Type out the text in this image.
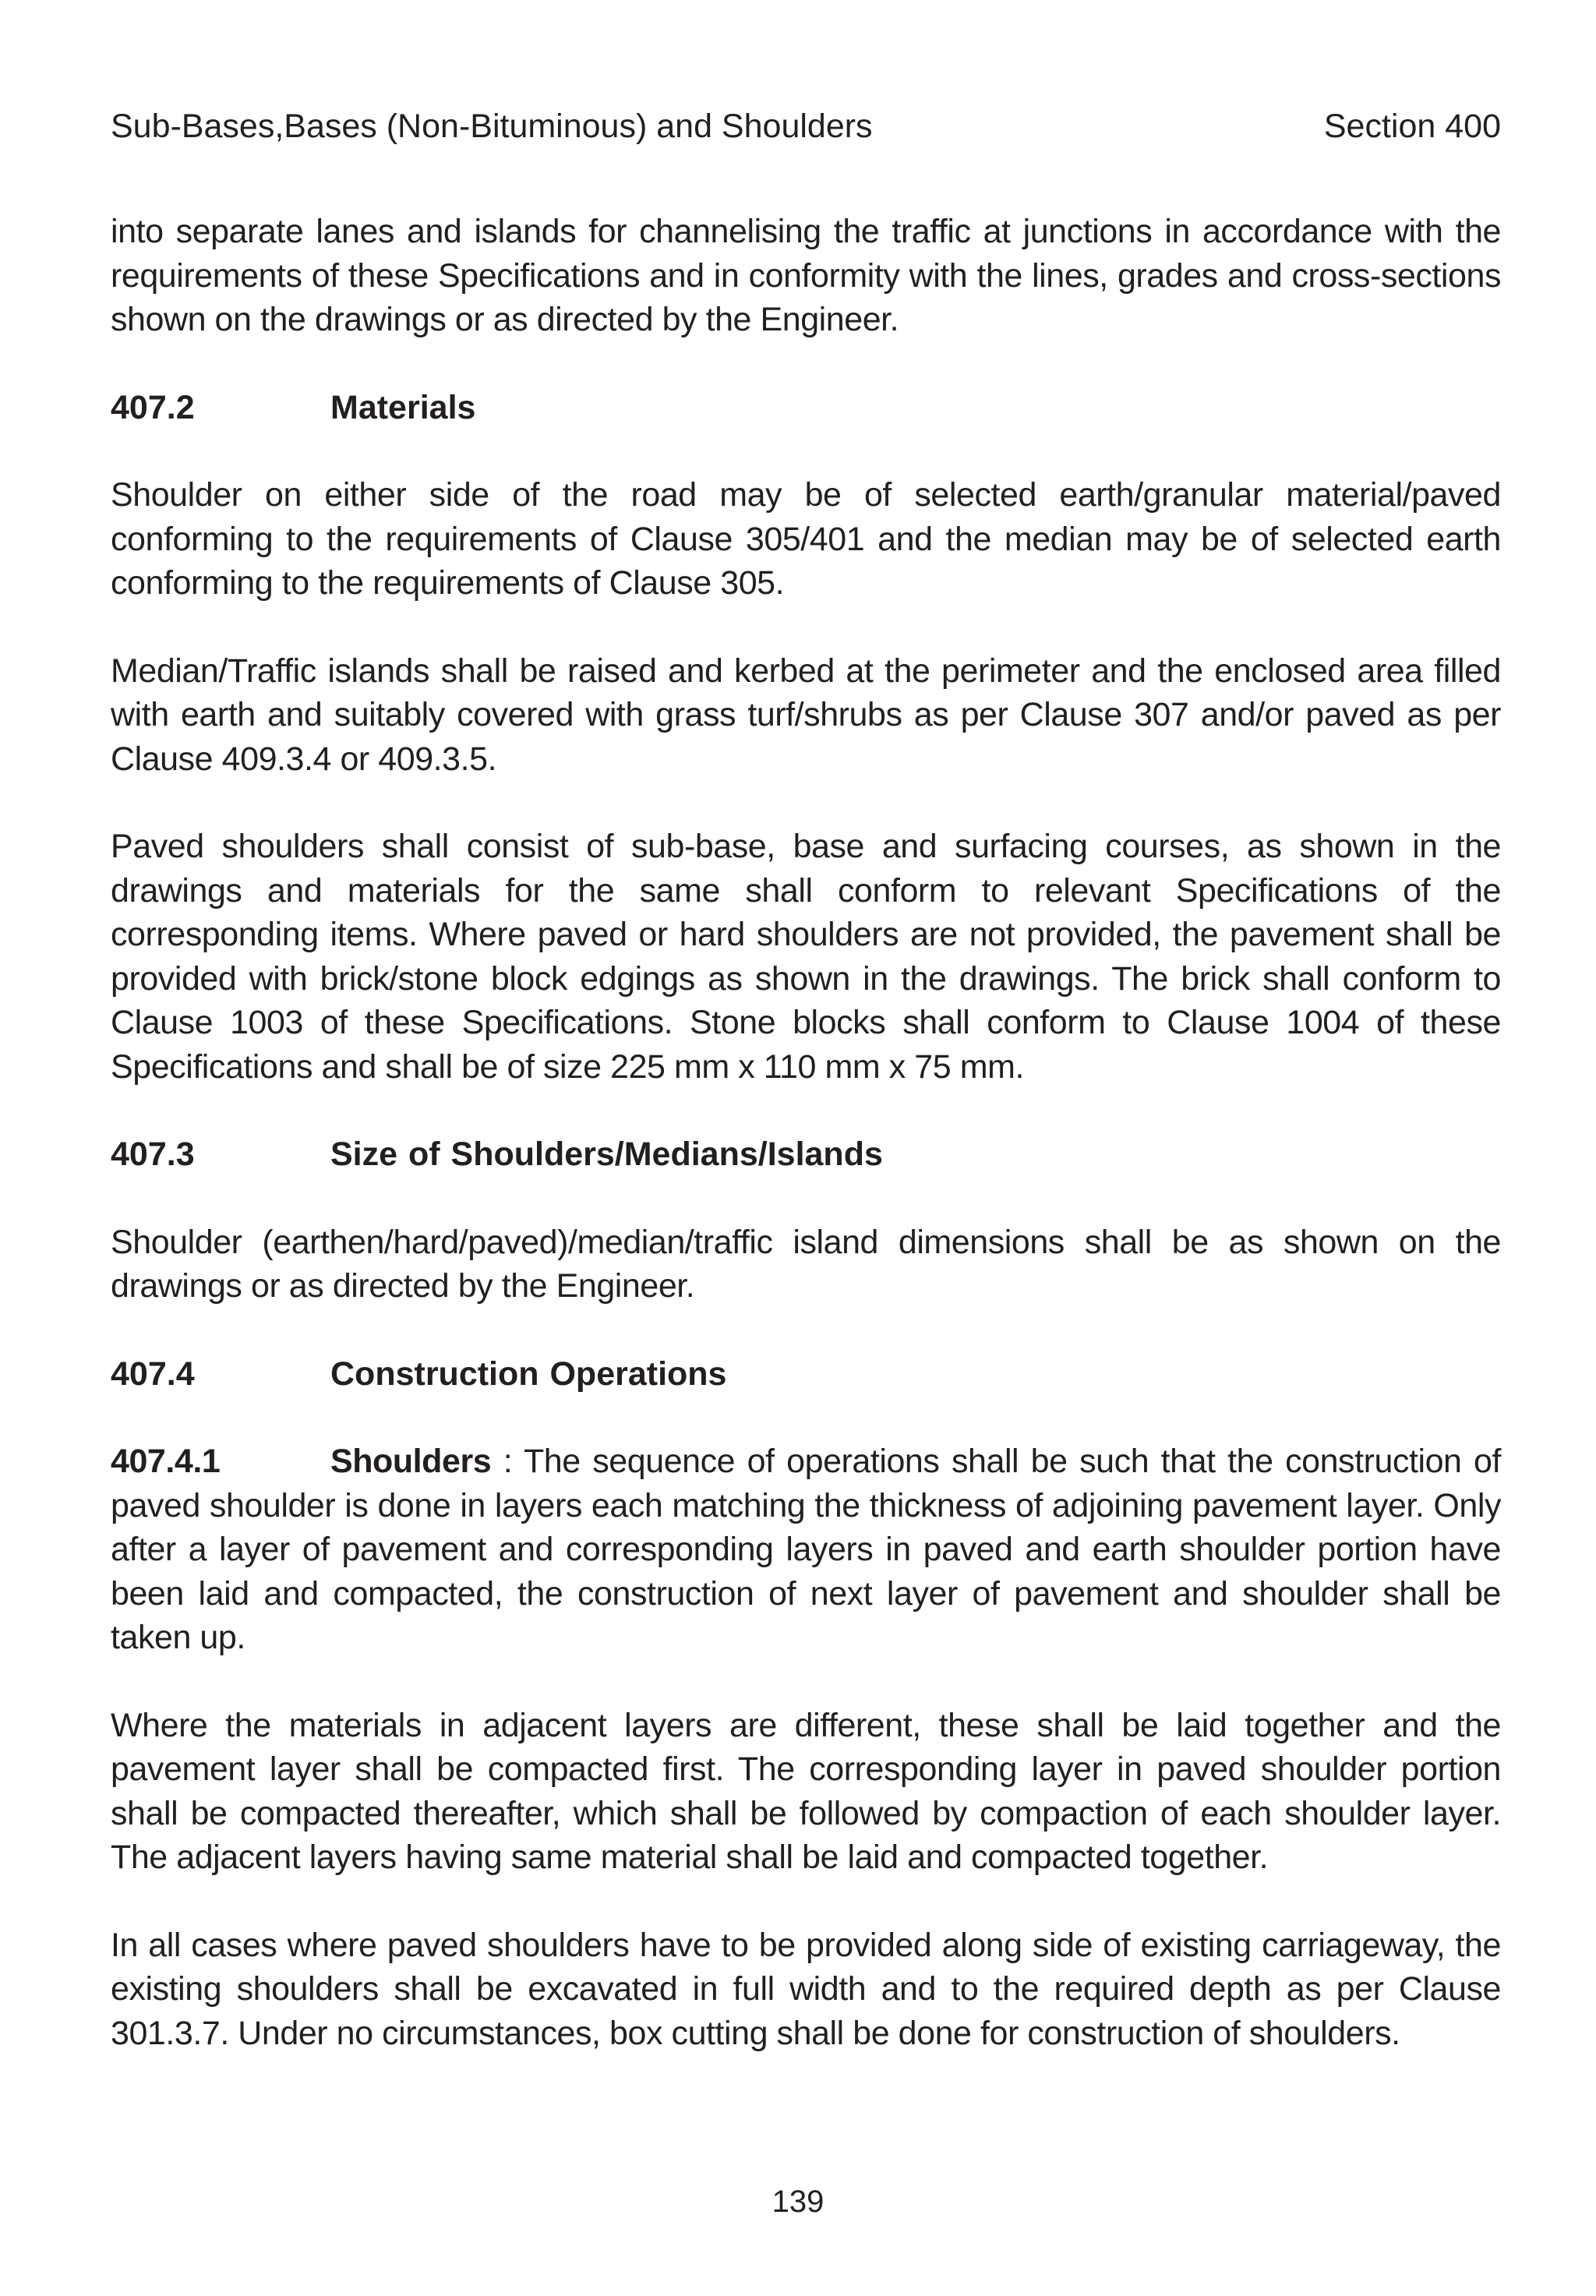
Sub-Bases,Bases (Non-Bituminous) and Shoulders	Section 400

into separate lanes and islands for channelising the traffic at junctions in accordance with the requirements of these Specifications and in conformity with the lines, grades and cross-sections shown on the drawings or as directed by the Engineer.

407.2	Materials

Shoulder on either side of the road may be of selected earth/granular material/paved conforming to the requirements of Clause 305/401 and the median may be of selected earth conforming to the requirements of Clause 305.

Median/Traffic islands shall be raised and kerbed at the perimeter and the enclosed area filled with earth and suitably covered with grass turf/shrubs as per Clause 307 and/or paved as per Clause 409.3.4 or 409.3.5.

Paved shoulders shall consist of sub-base, base and surfacing courses, as shown in the drawings and materials for the same shall conform to relevant Specifications of the corresponding items. Where paved or hard shoulders are not provided, the pavement shall be provided with brick/stone block edgings as shown in the drawings. The brick shall conform to Clause 1003 of these Specifications. Stone blocks shall conform to Clause 1004 of these Specifications and shall be of size 225 mm x 110 mm x 75 mm.

407.3	Size of Shoulders/Medians/Islands

Shoulder (earthen/hard/paved)/median/traffic island dimensions shall be as shown on the drawings or as directed by the Engineer.

407.4	Construction Operations

407.4.1	Shoulders : The sequence of operations shall be such that the construction of paved shoulder is done in layers each matching the thickness of adjoining pavement layer. Only after a layer of pavement and corresponding layers in paved and earth shoulder portion have been laid and compacted, the construction of next layer of pavement and shoulder shall be taken up.

Where the materials in adjacent layers are different, these shall be laid together and the pavement layer shall be compacted first. The corresponding layer in paved shoulder portion shall be compacted thereafter, which shall be followed by compaction of each shoulder layer. The adjacent layers having same material shall be laid and compacted together.

In all cases where paved shoulders have to be provided along side of existing carriageway, the existing shoulders shall be excavated in full width and to the required depth as per Clause 301.3.7. Under no circumstances, box cutting shall be done for construction of shoulders.

139
